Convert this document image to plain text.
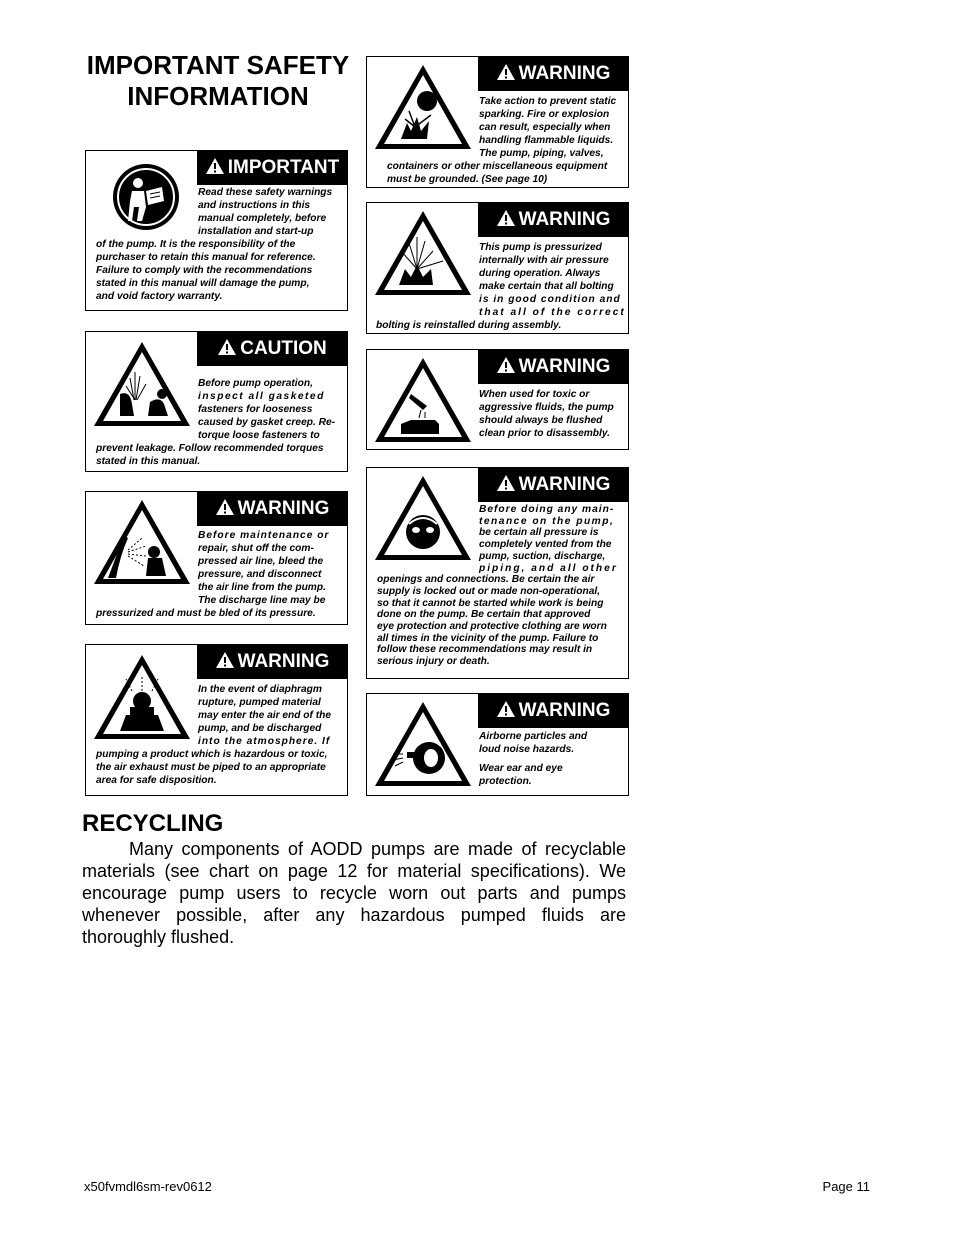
IMPORTANT SAFETY
INFORMATION
IMPORTANT
Read these safety warnings
and instructions in this
manual completely, before
installation and start-up
of the pump. It is the responsibility of the
purchaser to retain this manual for reference.
Failure to comply with the recommendations
stated in this manual will damage the pump,
and void factory warranty.
CAUTION
Before pump operation,
inspect all gasketed
fasteners for looseness
caused by gasket creep. Re-
torque loose fasteners to
prevent leakage. Follow recommended torques
stated in this manual.
WARNING
Before maintenance or
repair, shut off the com-
pressed air line, bleed the
pressure, and disconnect
the air line from the pump.
The discharge line may be
pressurized and must be bled of its pressure.
WARNING
In the event of diaphragm
rupture, pumped material
may enter the air end of the
pump, and be discharged
into the atmosphere. If
pumping a product which is hazardous or toxic,
the air exhaust must be piped to an appropriate
area for safe disposition.
WARNING
Take action to prevent static
sparking. Fire or explosion
can result, especially when
handling flammable liquids.
The pump, piping, valves,
containers or other miscellaneous equipment
must be grounded. (See page 10)
WARNING
This pump is pressurized
internally with air pressure
during operation. Always
make certain that all bolting
is in good condition and
that all of the correct
bolting is reinstalled during assembly.
WARNING
When used for toxic or
aggressive fluids, the pump
should always be flushed
clean prior to disassembly.
WARNING
Before doing any main-
tenance on the pump,
be certain all pressure is
completely vented from the
pump, suction, discharge,
piping, and all other
openings and connections. Be certain the air
supply is locked out or made non-operational,
so that it cannot be started while work is being
done on the pump. Be certain that approved
eye protection and protective clothing are worn
all times in the vicinity of the pump. Failure to
follow these recommendations may result in
serious injury or death.
WARNING
Airborne particles and
loud noise hazards.
Wear ear and eye
protection.
RECYCLING
Many components of AODD pumps are made of recyclable materials (see chart on page 12 for material specifications). We encourage pump users to recycle worn out parts and pumps whenever possible, after any hazardous pumped fluids are thoroughly flushed.
x50fvmdl6sm-rev0612	Page 11
